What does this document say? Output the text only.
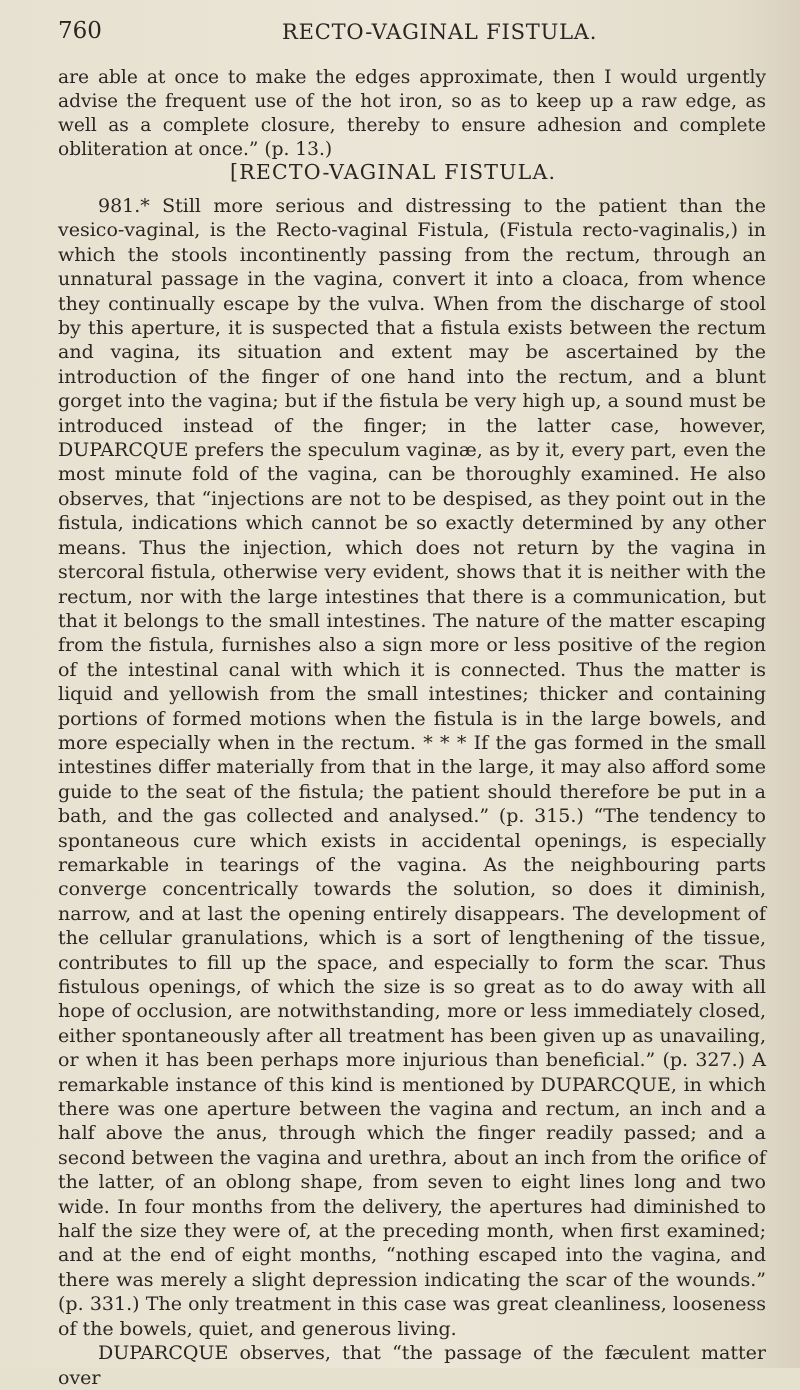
760	RECTO-VAGINAL FISTULA.

are able at once to make the edges approximate, then I would urgently advise the frequent use of the hot iron, so as to keep up a raw edge, as well as a complete closure, thereby to ensure adhesion and complete obliteration at once.” (p. 13.)

[RECTO-VAGINAL FISTULA.

981.* Still more serious and distressing to the patient than the vesico-vaginal, is the Recto-vaginal Fistula, (Fistula recto-vaginalis,) in which the stools incontinently passing from the rectum, through an unnatural passage in the vagina, convert it into a cloaca, from whence they continually escape by the vulva. When from the discharge of stool by this aperture, it is suspected that a fistula exists between the rectum and vagina, its situation and extent may be ascertained by the introduction of the finger of one hand into the rectum, and a blunt gorget into the vagina; but if the fistula be very high up, a sound must be introduced instead of the finger; in the latter case, however, DUPARCQUE prefers the speculum vaginæ, as by it, every part, even the most minute fold of the vagina, can be thoroughly examined. He also observes, that “injections are not to be despised, as they point out in the fistula, indications which cannot be so exactly determined by any other means. Thus the injection, which does not return by the vagina in stercoral fistula, otherwise very evident, shows that it is neither with the rectum, nor with the large intestines that there is a communication, but that it belongs to the small intestines. The nature of the matter escaping from the fistula, furnishes also a sign more or less positive of the region of the intestinal canal with which it is connected. Thus the matter is liquid and yellowish from the small intestines; thicker and containing portions of formed motions when the fistula is in the large bowels, and more especially when in the rectum. * * * If the gas formed in the small intestines differ materially from that in the large, it may also afford some guide to the seat of the fistula; the patient should therefore be put in a bath, and the gas collected and analysed.” (p. 315.) “The tendency to spontaneous cure which exists in accidental openings, is especially remarkable in tearings of the vagina. As the neighbouring parts converge concentrically towards the solution, so does it diminish, narrow, and at last the opening entirely disappears. The development of the cellular granulations, which is a sort of lengthening of the tissue, contributes to fill up the space, and especially to form the scar. Thus fistulous openings, of which the size is so great as to do away with all hope of occlusion, are notwithstanding, more or less immediately closed, either spontaneously after all treatment has been given up as unavailing, or when it has been perhaps more injurious than beneficial.” (p. 327.) A remarkable instance of this kind is mentioned by DUPARCQUE, in which there was one aperture between the vagina and rectum, an inch and a half above the anus, through which the finger readily passed; and a second between the vagina and urethra, about an inch from the orifice of the latter, of an oblong shape, from seven to eight lines long and two wide. In four months from the delivery, the apertures had diminished to half the size they were of, at the preceding month, when first examined; and at the end of eight months, “nothing escaped into the vagina, and there was merely a slight depression indicating the scar of the wounds.” (p. 331.) The only treatment in this case was great cleanliness, looseness of the bowels, quiet, and generous living.

DUPARCQUE observes, that “the passage of the fæculent matter over
